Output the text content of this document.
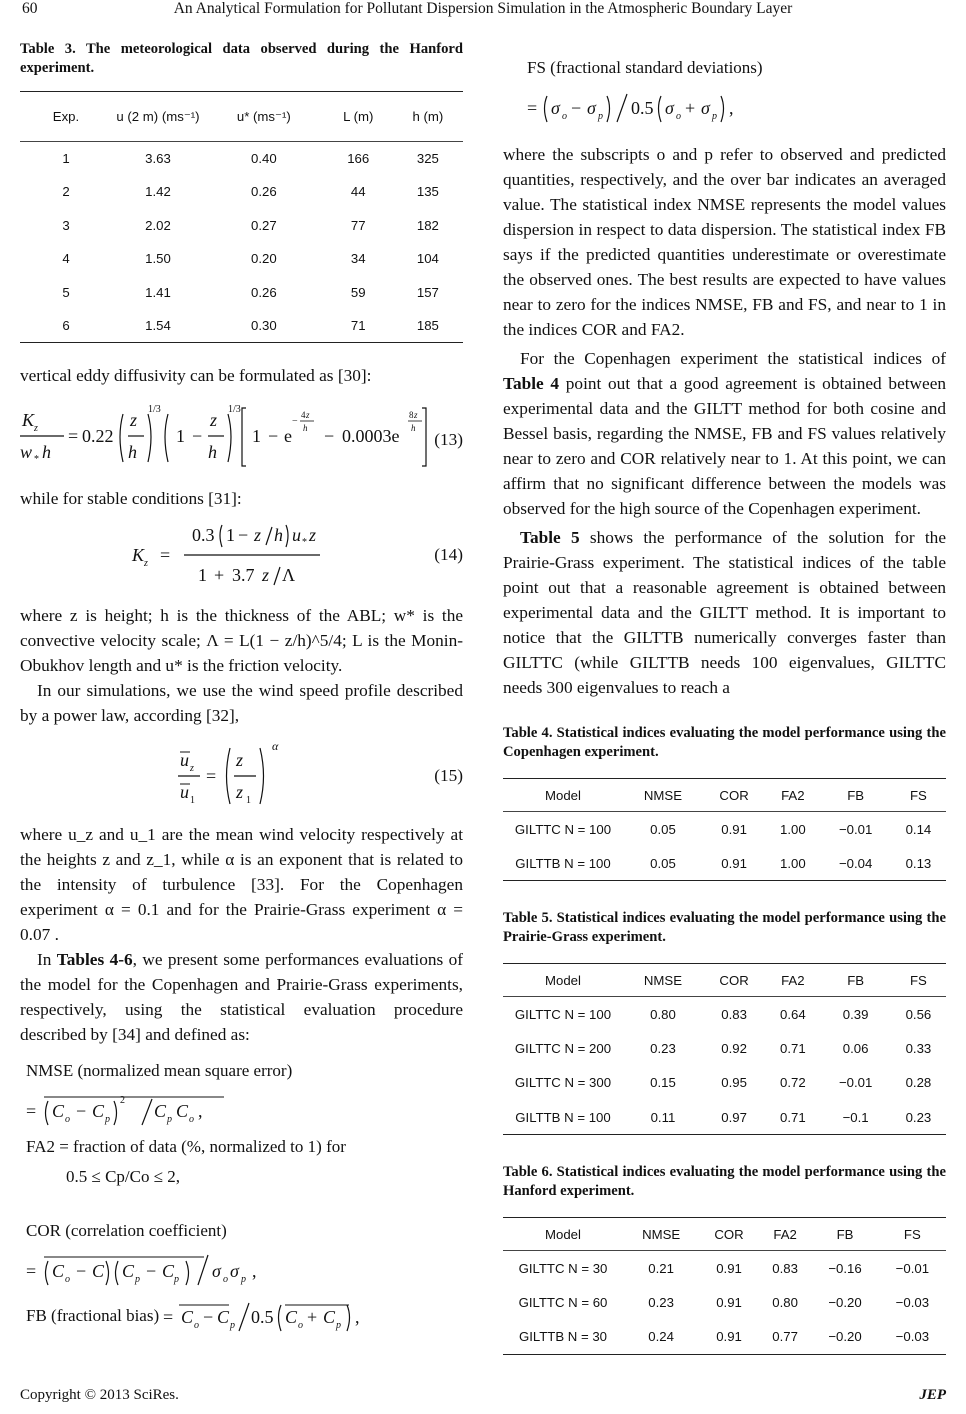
60	An Analytical Formulation for Pollutant Dispersion Simulation in the Atmospheric Boundary Layer
Table 3. The meteorological data observed during the Hanford experiment.
Exp.	u (2 m) (ms⁻¹)	u* (ms⁻¹)	L (m)	h (m)
1	3.63	0.40	166	325
2	1.42	0.26	44	135
3	2.02	0.27	77	182
4	1.50	0.20	34	104
5	1.41	0.26	59	157
6	1.54	0.30	71	185

vertical eddy diffusivity can be formulated as [30]:

K z
w * h
= 0.22
z
h
1/3
1 −
z
h
1/3
1 − e
−
4 z
h − 0.0003e
8 z
h
(13)

while for stable conditions [31]:

K z =
0.3 1 − z h u * z
1 + 3.7 z Λ
(14)

where z is height; h is the thickness of the ABL; w* is the convective velocity scale; Λ = L(1 − z/h)^5/4; L is the Monin-Obukhov length and u* is the friction velocity.

In our simulations, we use the wind speed profile described by a power law, according [32],

u z
u 1
=
z
z 1
α
(15)

where u_z and u_1 are the mean wind velocity respectively at the heights z and z_1, while α is an exponent that is related to the intensity of turbulence [33]. For the Copenhagen experiment α = 0.1 and for the Prairie-Grass experiment α = 0.07 .

In Tables 4-6, we present some performances evaluations of the model for the Copenhagen and Prairie-Grass experiments, respectively, using the statistical evaluation procedure described by [34] and defined as:

NMSE (normalized mean square error)
= C o − C p
2
C p C o ,
FA2 = fraction of data (%, normalized to 1) for
0.5 ≤ Cp/Co ≤ 2,
COR (correlation coefficient)
= C o − C C p − C p σ o σ p ,
FB (fractional bias) = C o − C p 0.5 C o + C p ,
FS (fractional standard deviations)
= σ o − σ p 0.5 σ o + σ p ,

where the subscripts o and p refer to observed and predicted quantities, respectively, and the over bar indicates an averaged value. The statistical index NMSE represents the model values dispersion in respect to data dispersion. The statistical index FB says if the predicted quantities underestimate or overestimate the observed ones. The best results are expected to have values near to zero for the indices NMSE, FB and FS, and near to 1 in the indices COR and FA2.

For the Copenhagen experiment the statistical indices of Table 4 point out that a good agreement is obtained between experimental data and the GILTT method for both cosine and Bessel basis, regarding the NMSE, FB and FS values relatively near to zero and COR relatively near to 1. At this point, we can affirm that no significant difference between the models was observed for the high source of the Copenhagen experiment.

Table 5 shows the performance of the solution for the Prairie-Grass experiment. The statistical indices of the table point out that a reasonable agreement is obtained between experimental data and the GILTT method. It is important to notice that the GILTTB numerically converges faster than GILTTC (while GILTTB needs 100 eigenvalues, GILTTC needs 300 eigenvalues to reach a

Table 4. Statistical indices evaluating the model performance using the Copenhagen experiment.
Model	NMSE	COR	FA2	FB	FS
GILTTC N = 100	0.05	0.91	1.00	−0.01	0.14
GILTTB N = 100	0.05	0.91	1.00	−0.04	0.13
Table 5. Statistical indices evaluating the model performance using the Prairie-Grass experiment.
Model	NMSE	COR	FA2	FB	FS
GILTTC N = 100	0.80	0.83	0.64	0.39	0.56
GILTTC N = 200	0.23	0.92	0.71	0.06	0.33
GILTTC N = 300	0.15	0.95	0.72	−0.01	0.28
GILTTB N = 100	0.11	0.97	0.71	−0.1	0.23
Table 6. Statistical indices evaluating the model performance using the Hanford experiment.
Model	NMSE	COR	FA2	FB	FS
GILTTC N = 30	0.21	0.91	0.83	−0.16	−0.01
GILTTC N = 60	0.23	0.91	0.80	−0.20	−0.03
GILTTB N = 30	0.24	0.91	0.77	−0.20	−0.03
Copyright © 2013 SciRes.	JEP
